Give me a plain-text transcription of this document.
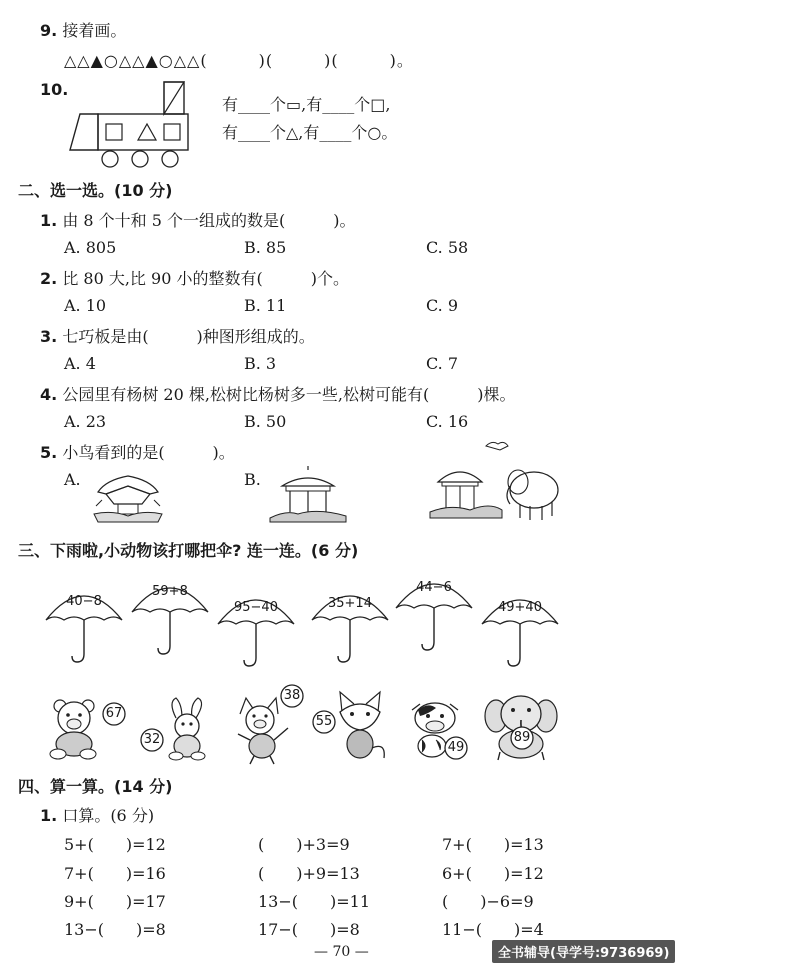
9. 接着画。
△△▲○△△▲○△△(　　　)(　　　)(　　　)。
10.
有____个▭,有____个□,
有____个△,有____个○。
二、选一选。(10 分)
1. 由 8 个十和 5 个一组成的数是(　　　)。
A. 805	B. 85	C. 58
2. 比 80 大,比 90 小的整数有(　　　)个。
A. 10	B. 11	C. 9
3. 七巧板是由(　　　)种图形组成的。
A. 4	B. 3	C. 7
4. 公园里有杨树 20 棵,松树比杨树多一些,松树可能有(　　　)棵。
A. 23	B. 50	C. 16
5. 小鸟看到的是(　　　)。
A.	B.
三、下雨啦,小动物该打哪把伞? 连一连。(6 分)
40−8
59+8
95−40	35+14
44−6
49+40
67
32
38
55
49
89
四、算一算。(14 分)
1. 口算。(6 分)
5+(　　)=12	(　　)+3=9	7+(　　)=13
7+(　　)=16	(　　)+9=13	6+(　　)=12
9+(　　)=17	13−(　　)=11	(　　)−6=9
13−(　　)=8	17−(　　)=8	11−(　　)=4
— 70 —	全书辅导(导学号:9736969)
